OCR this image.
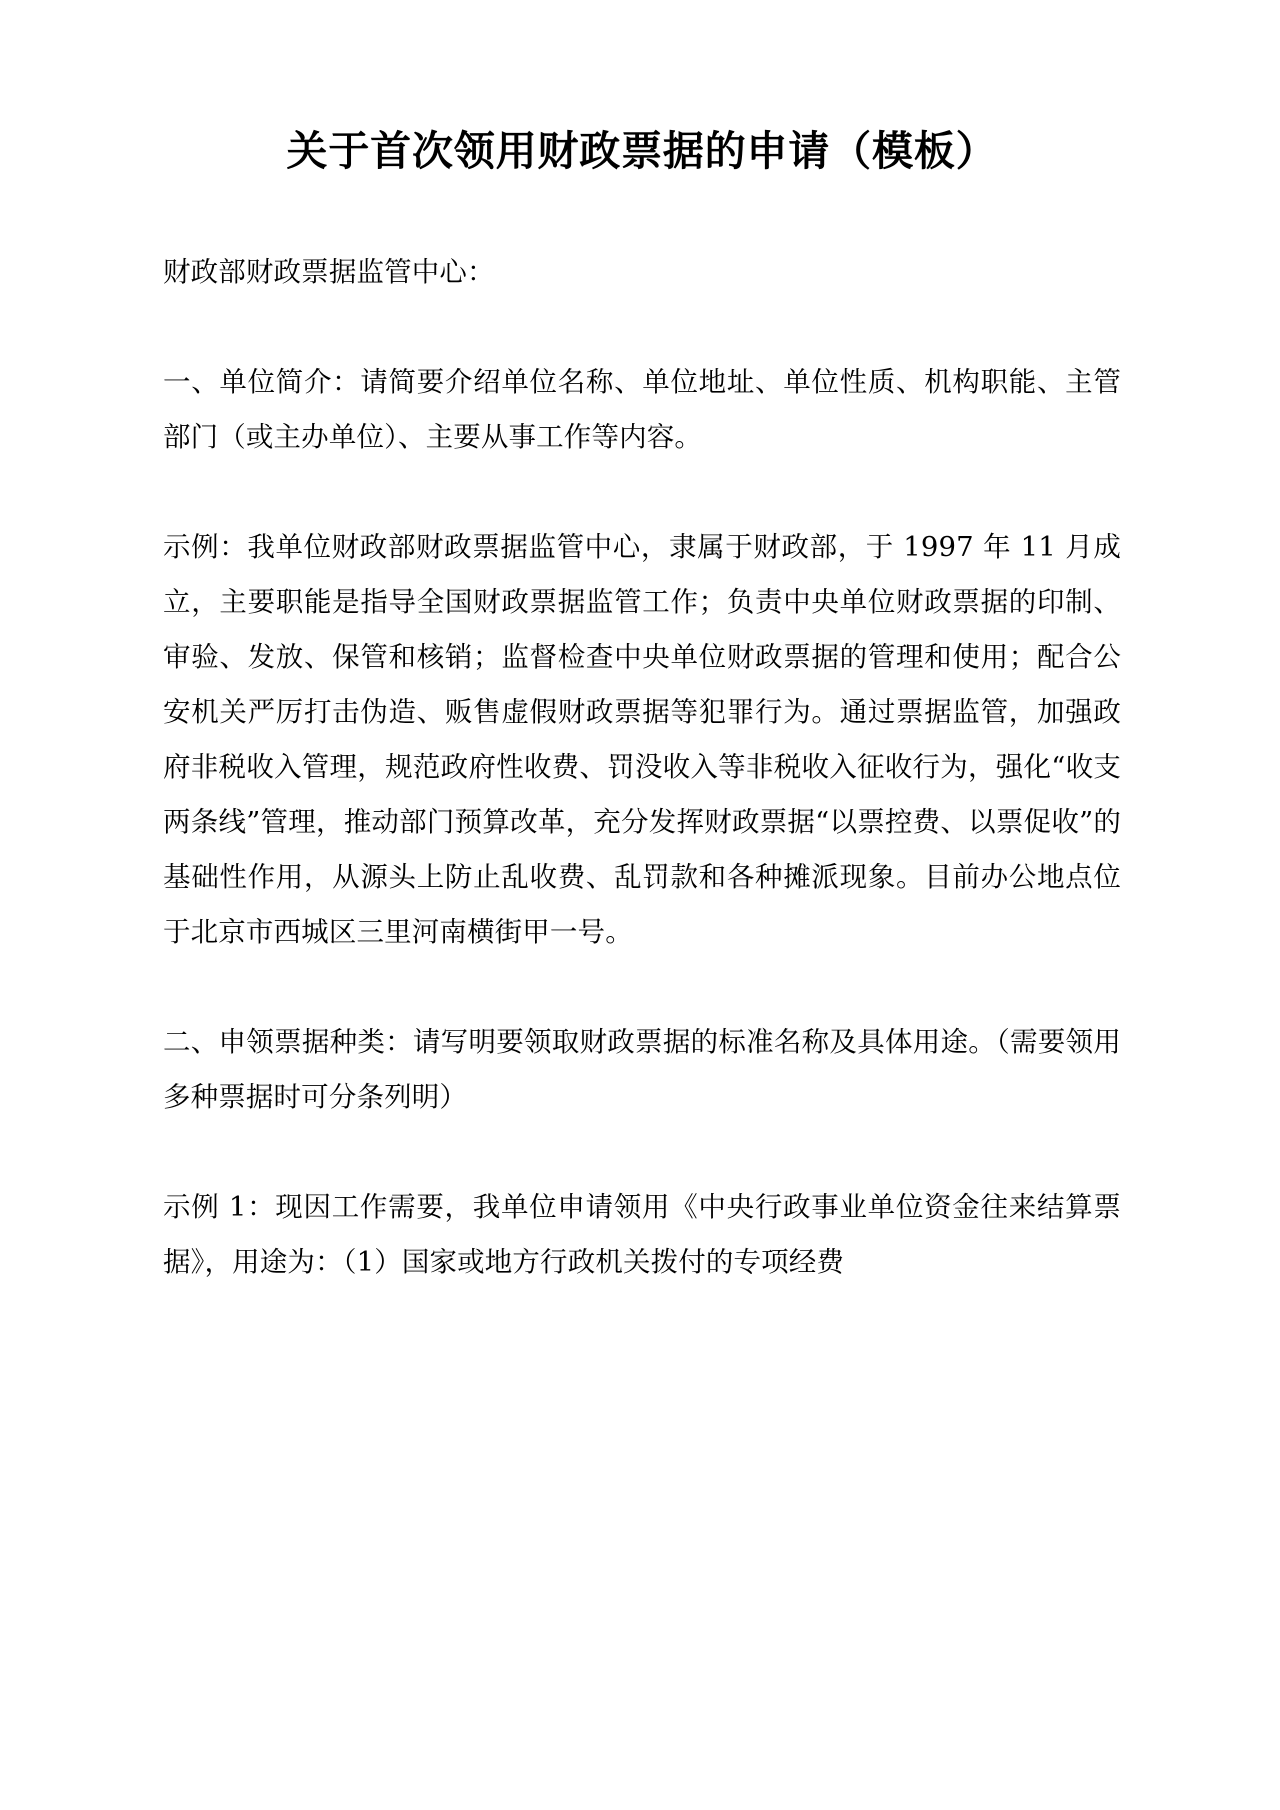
关于首次领用财政票据的申请（模板）

财政部财政票据监管中心：

一、单位简介：请简要介绍单位名称、单位地址、单位性质、机构职能、主管部门（或主办单位）、主要从事工作等内容。

示例：我单位财政部财政票据监管中心，隶属于财政部，于 1997 年 11 月成立，主要职能是指导全国财政票据监管工作；负责中央单位财政票据的印制、审验、发放、保管和核销；监督检查中央单位财政票据的管理和使用；配合公安机关严厉打击伪造、贩售虚假财政票据等犯罪行为。通过票据监管，加强政府非税收入管理，规范政府性收费、罚没收入等非税收入征收行为，强化“收支两条线”管理，推动部门预算改革，充分发挥财政票据“以票控费、以票促收”的基础性作用，从源头上防止乱收费、乱罚款和各种摊派现象。目前办公地点位于北京市西城区三里河南横街甲一号。

二、申领票据种类：请写明要领取财政票据的标准名称及具体用途。（需要领用多种票据时可分条列明）

示例 1：现因工作需要，我单位申请领用《中央行政事业单位资金往来结算票据》，用途为：（1）国家或地方行政机关拨付的专项经费
